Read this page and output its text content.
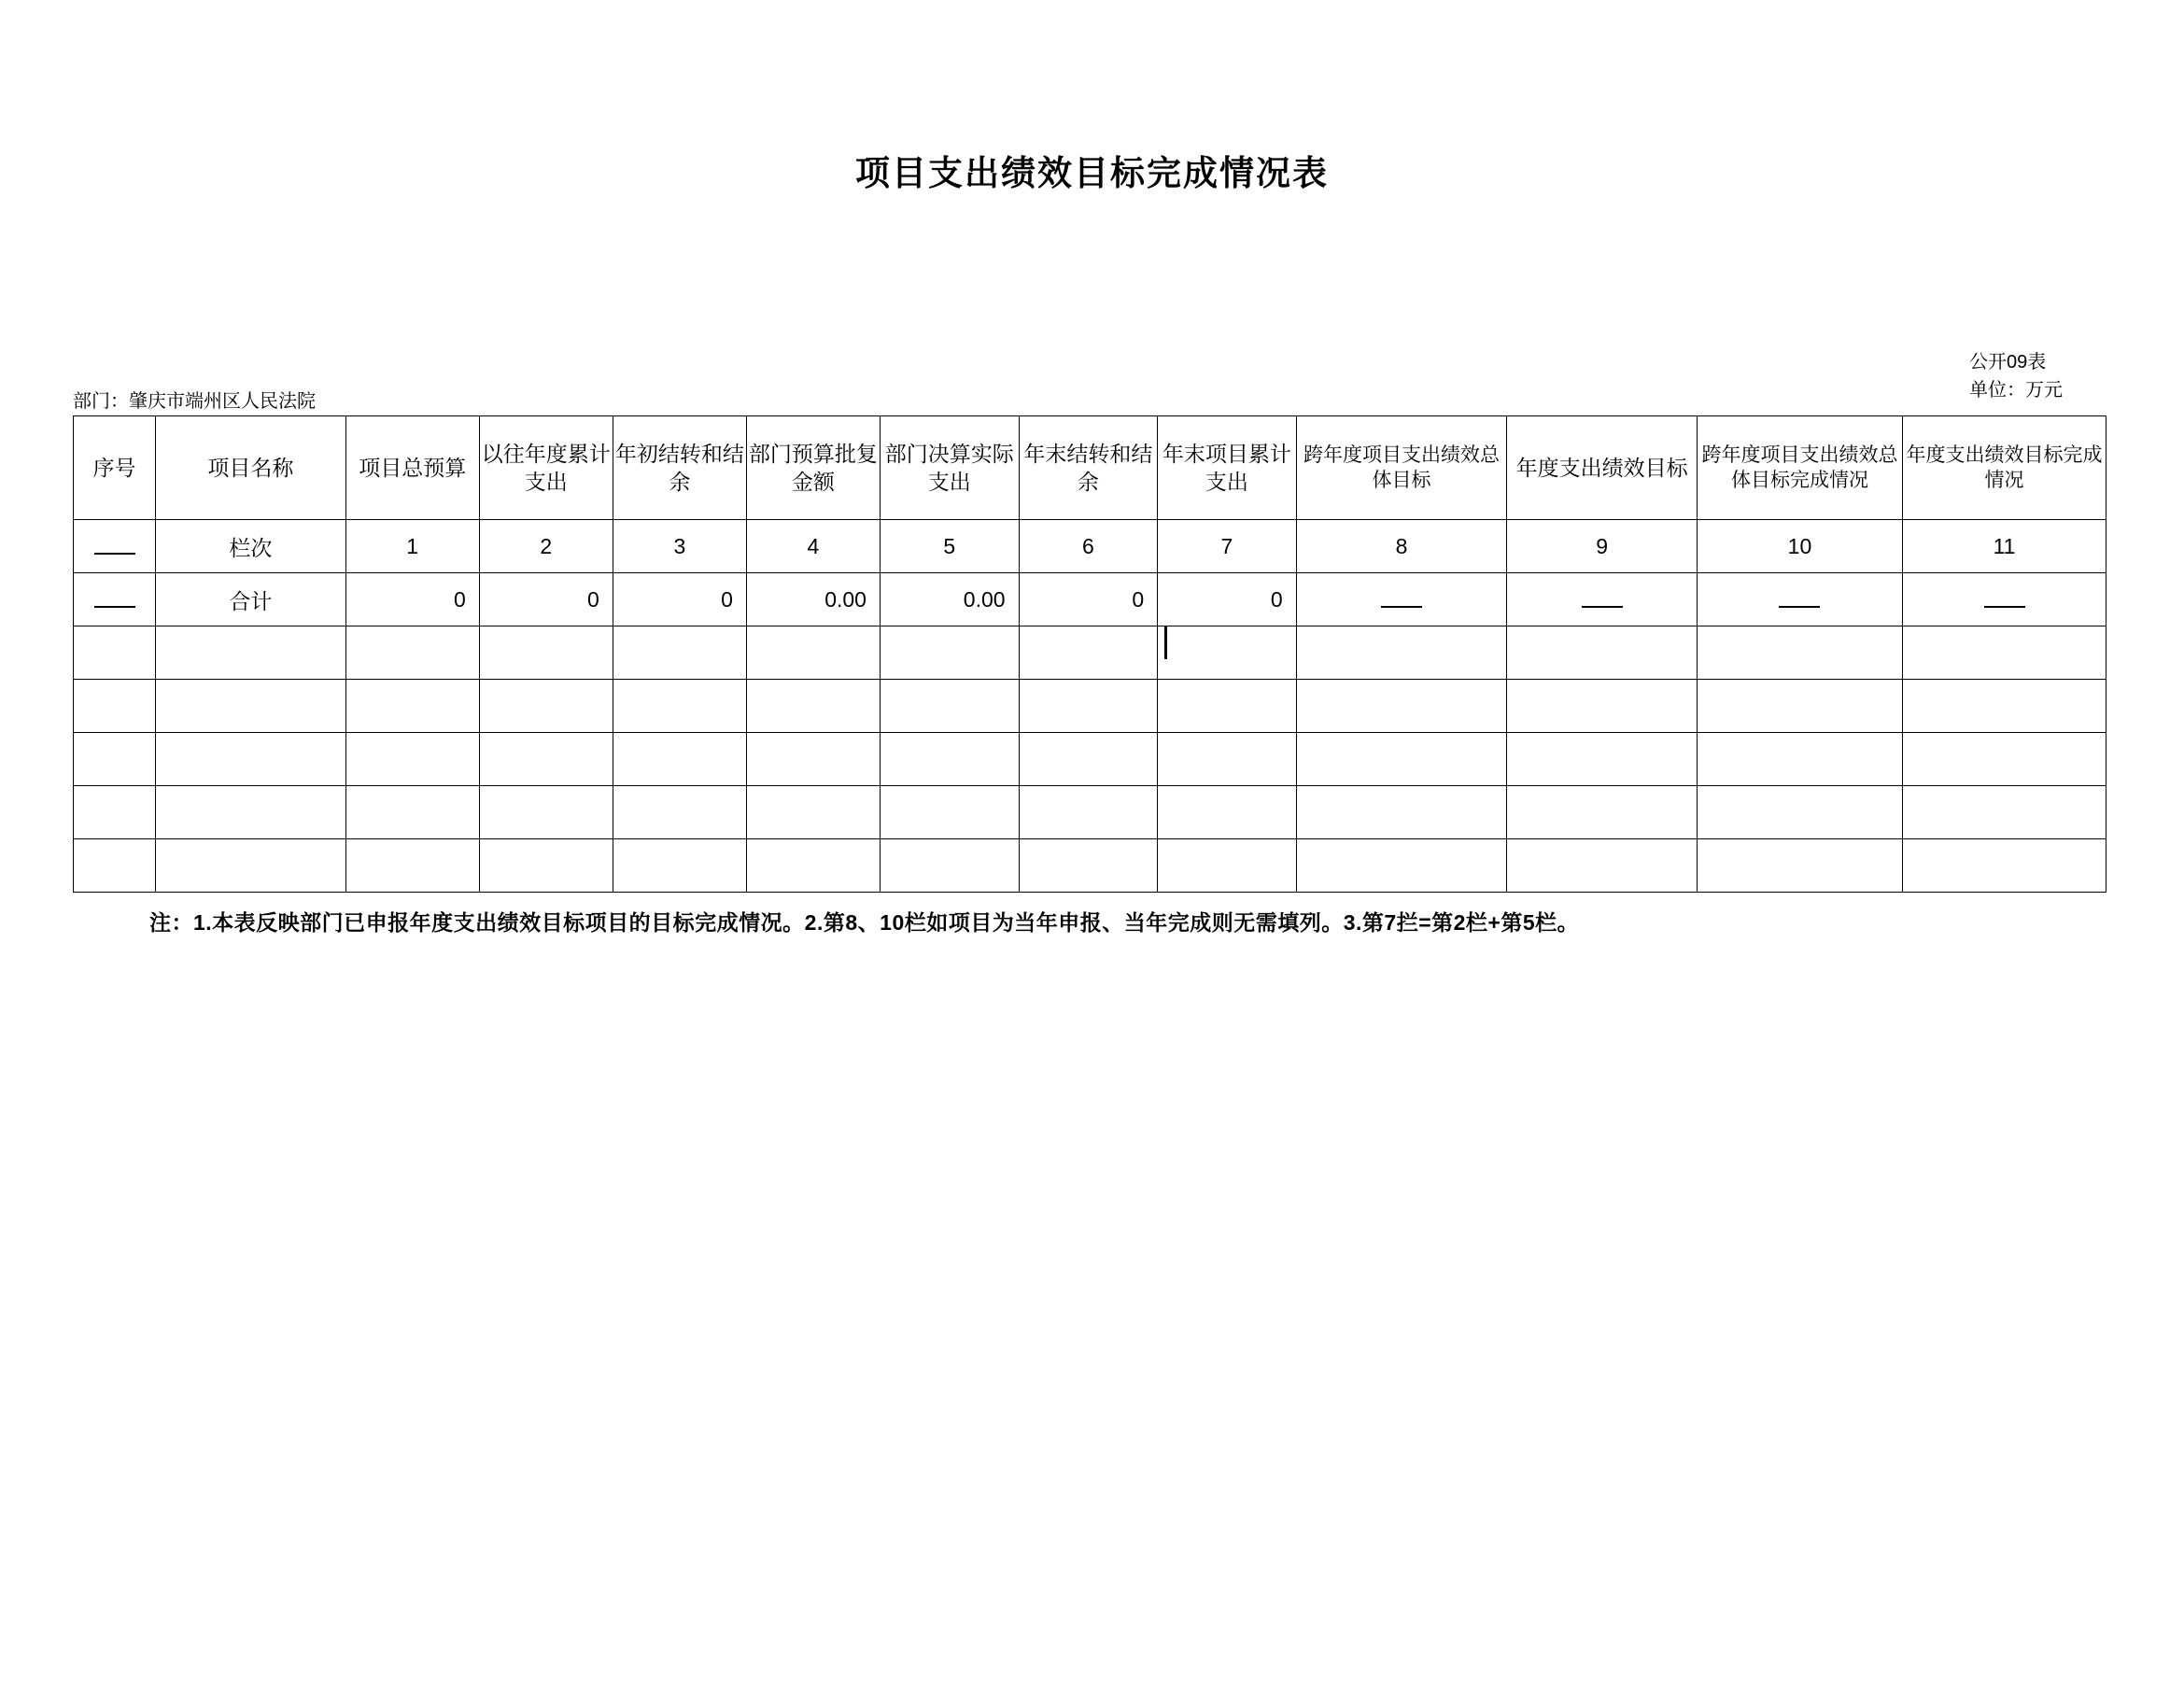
项目支出绩效目标完成情况表
公开09表
单位：万元
部门：肇庆市端州区人民法院
序号	项目名称	项目总预算	以往年度累计支出	年初结转和结余	部门预算批复金额	部门决算实际支出	年末结转和结余	年末项目累计支出	跨年度项目支出绩效总体目标	年度支出绩效目标	跨年度项目支出绩效总体目标完成情况	年度支出绩效目标完成情况
	栏次	1	2	3	4	5	6	7	8	9	10	11
	合计	0	0	0	0.00	0.00	0	0				

注：1.本表反映部门已申报年度支出绩效目标项目的目标完成情况。2.第8、10栏如项目为当年申报、当年完成则无需填列。3.第7拦=第2栏+第5栏。
